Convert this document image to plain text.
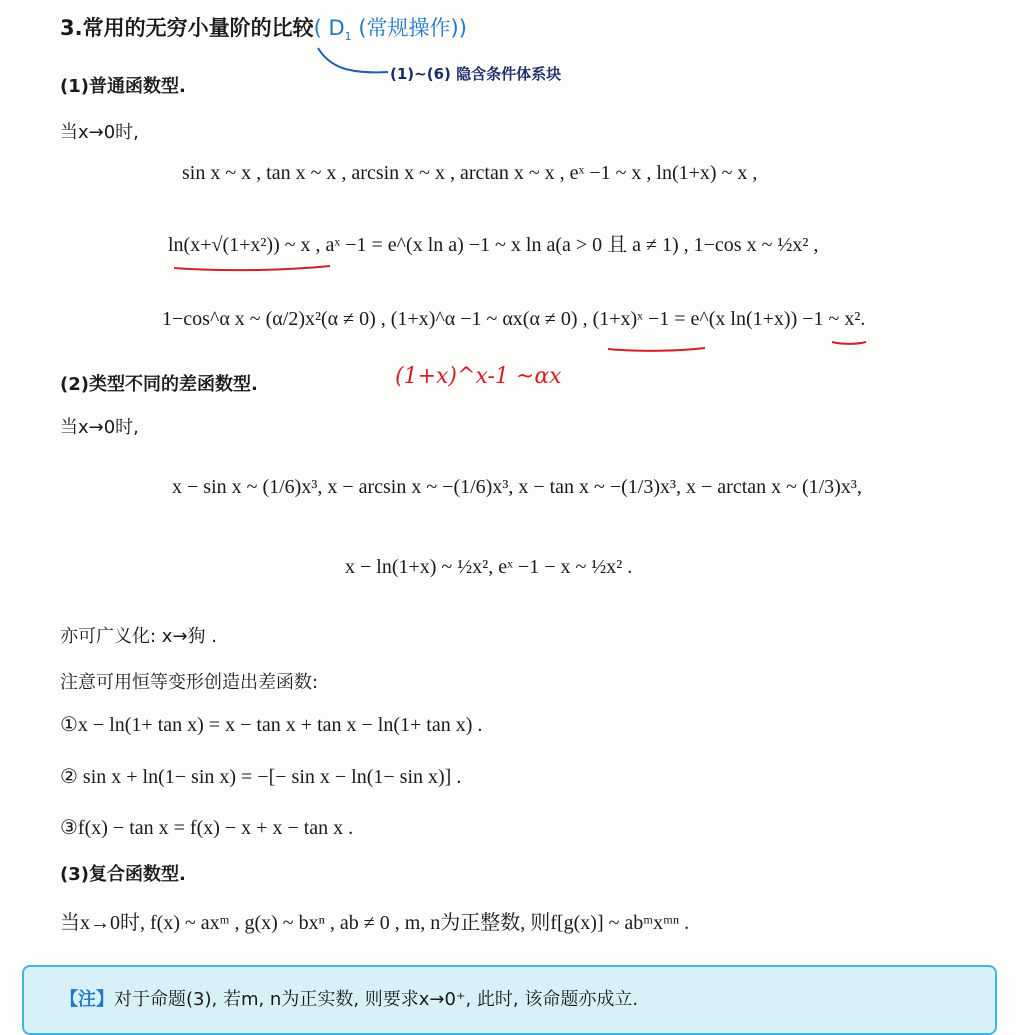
3.常用的无穷小量阶的比较( $D_1$ (常规操作))
(1)~(6) 隐含条件体系块
(1)普通函数型.
当x→0时,
sin x ~ x , tan x ~ x , arcsin x ~ x , arctan x ~ x , eˣ −1 ~ x , ln(1+x) ~ x ,
ln(x+√(1+x²)) ~ x , aˣ −1 = e^(x ln a) −1 ~ x ln a(a > 0 且 a ≠ 1) , 1−cos x ~ ½x² ,
1−cos^α x ~ (α/2)x²(α ≠ 0) , (1+x)^α −1 ~ αx(α ≠ 0) , (1+x)ˣ −1 = e^(x ln(1+x)) −1 ~ x².
(2)类型不同的差函数型.	(1+x)^x-1 ~αx
当x→0时,
x − sin x ~ (1/6)x³, x − arcsin x ~ −(1/6)x³, x − tan x ~ −(1/3)x³, x − arctan x ~ (1/3)x³,
x − ln(1+x) ~ ½x², eˣ −1 − x ~ ½x² .
亦可广义化: x→狗 .
注意可用恒等变形创造出差函数:
①x − ln(1+ tan x) = x − tan x + tan x − ln(1+ tan x) .
② sin x + ln(1− sin x) = −[− sin x − ln(1− sin x)] .
③f(x) − tan x = f(x) − x + x − tan x .
(3)复合函数型.
当x→0时, f(x) ~ axᵐ , g(x) ~ bxⁿ , ab ≠ 0 , m, n为正整数, 则f[g(x)] ~ abᵐxᵐⁿ .
【注】对于命题(3), 若m, n为正实数, 则要求x→0⁺, 此时, 该命题亦成立.
